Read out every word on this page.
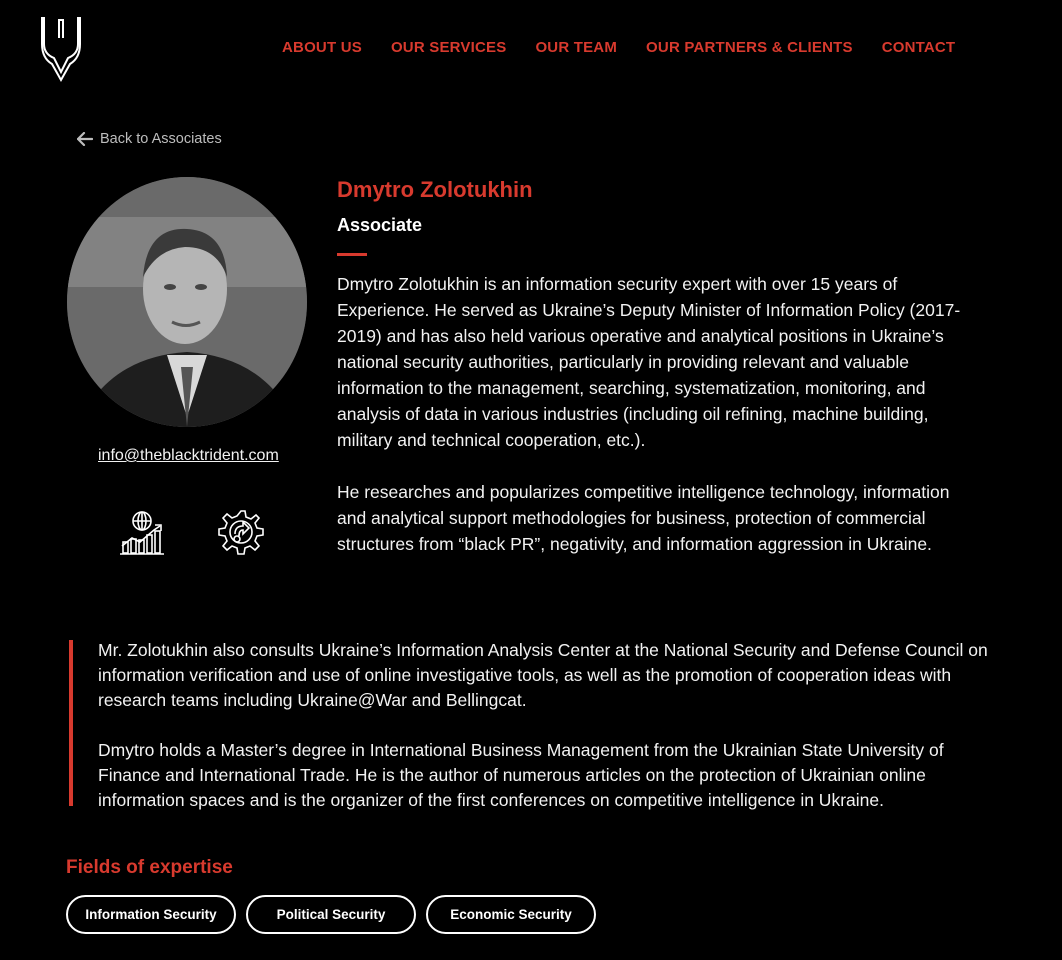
ABOUT US OUR SERVICES OUR TEAM OUR PARTNERS & CLIENTS CONTACT
Back to Associates
info@theblacktrident.com
Dmytro Zolotukhin
Associate

Dmytro Zolotukhin is an information security expert with over 15 years of Experience. He served as Ukraine’s Deputy Minister of Information Policy (2017-2019) and has also held various operative and analytical positions in Ukraine’s national security authorities, particularly in providing relevant and valuable information to the management, searching, systematization, monitoring, and analysis of data in various industries (including oil refining, machine building, military and technical cooperation, etc.).

He researches and popularizes competitive intelligence technology, information and analytical support methodologies for business, protection of commercial structures from “black PR”, negativity, and information aggression in Ukraine.

Mr. Zolotukhin also consults Ukraine’s Information Analysis Center at the National Security and Defense Council on information verification and use of online investigative tools, as well as the promotion of cooperation ideas with research teams including Ukraine@War and Bellingcat.

Dmytro holds a Master’s degree in International Business Management from the Ukrainian State University of Finance and International Trade. He is the author of numerous articles on the protection of Ukrainian online information spaces and is the organizer of the first conferences on competitive intelligence in Ukraine.

Fields of expertise
Information Security	Political Security	Economic Security
